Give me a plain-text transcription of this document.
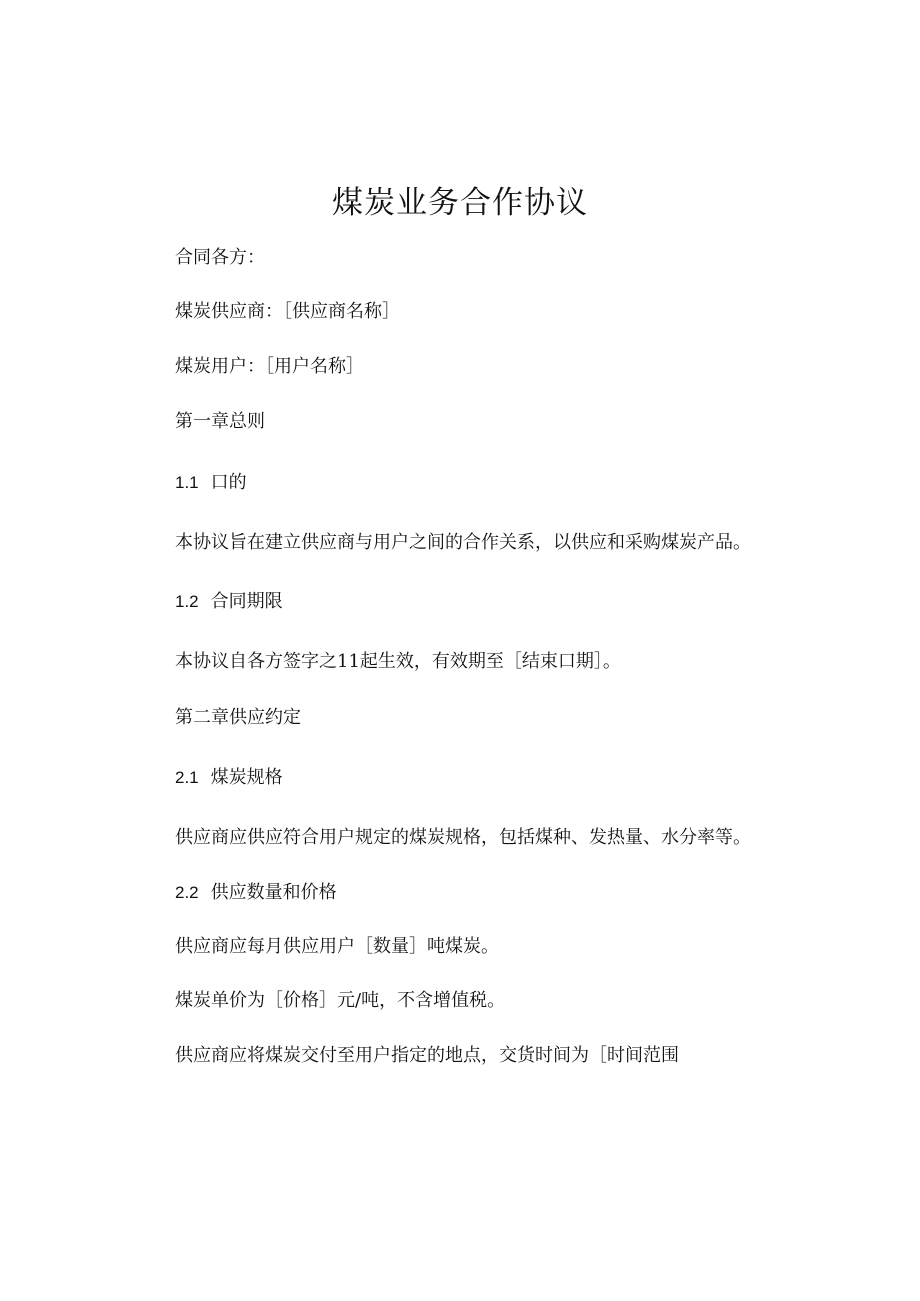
煤炭业务合作协议
合同各方：
煤炭供应商：［供应商名称］
煤炭用户：［用户名称］
第一章总则
1.1 口的
本协议旨在建立供应商与用户之间的合作关系，以供应和采购煤炭产品。
1.2 合同期限
本协议自各方签字之11起生效，有效期至［结束口期］。
第二章供应约定
2.1 煤炭规格
供应商应供应符合用户规定的煤炭规格，包括煤种、发热量、水分率等。
2.2 供应数量和价格
供应商应每月供应用户［数量］吨煤炭。
煤炭单价为［价格］元/吨，不含增值税。
供应商应将煤炭交付至用户指定的地点，交货时间为［时间范围
